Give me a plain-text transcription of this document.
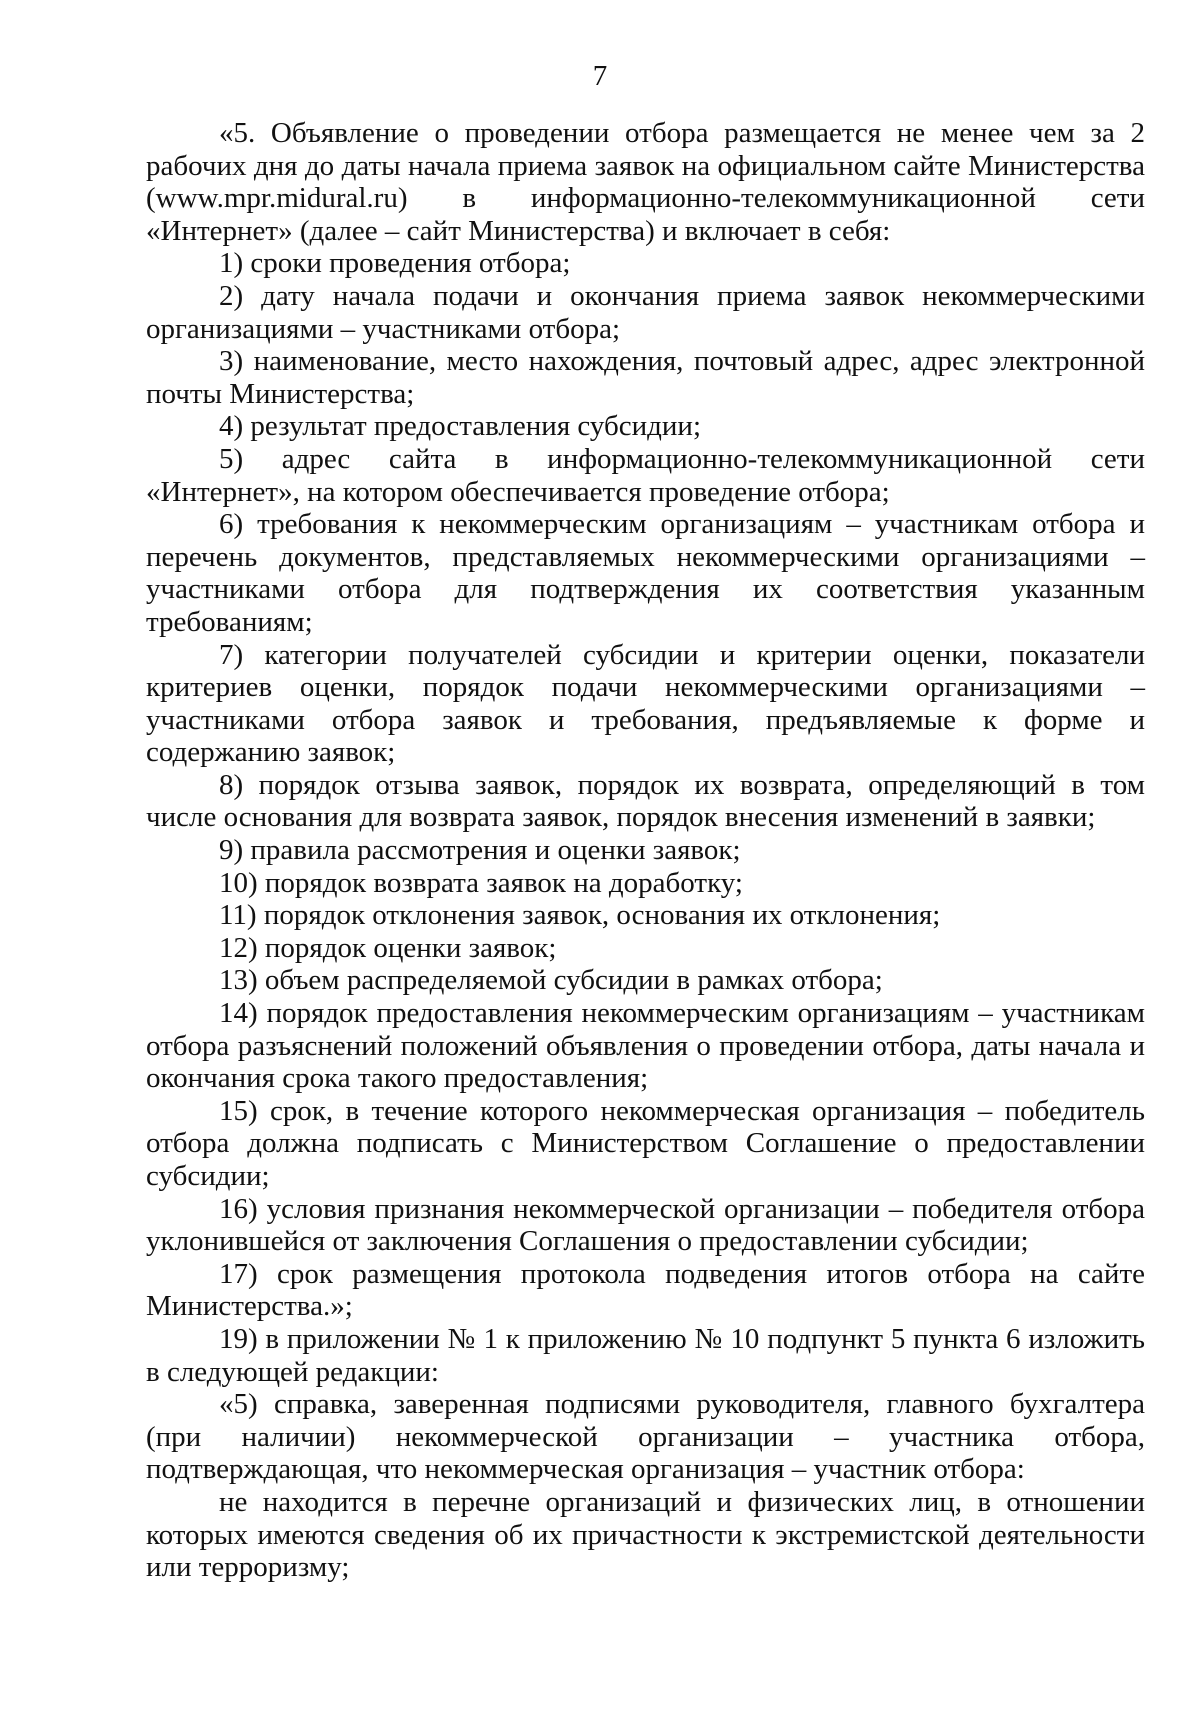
7

«5. Объявление о проведении отбора размещается не менее чем за 2 рабочих дня до даты начала приема заявок на официальном сайте Министерства (www.mpr.midural.ru) в информационно-телекоммуникационной сети «Интернет» (далее – сайт Министерства) и включает в себя:

1) сроки проведения отбора;

2) дату начала подачи и окончания приема заявок некоммерческими организациями – участниками отбора;

3) наименование, место нахождения, почтовый адрес, адрес электронной почты Министерства;

4) результат предоставления субсидии;

5) адрес сайта в информационно-телекоммуникационной сети «Интернет», на котором обеспечивается проведение отбора;

6) требования к некоммерческим организациям – участникам отбора и перечень документов, представляемых некоммерческими организациями – участниками отбора для подтверждения их соответствия указанным требованиям;

7) категории получателей субсидии и критерии оценки, показатели критериев оценки, порядок подачи некоммерческими организациями – участниками отбора заявок и требования, предъявляемые к форме и содержанию заявок;

8) порядок отзыва заявок, порядок их возврата, определяющий в том числе основания для возврата заявок, порядок внесения изменений в заявки;

9) правила рассмотрения и оценки заявок;

10) порядок возврата заявок на доработку;

11) порядок отклонения заявок, основания их отклонения;

12) порядок оценки заявок;

13) объем распределяемой субсидии в рамках отбора;

14) порядок предоставления некоммерческим организациям – участникам отбора разъяснений положений объявления о проведении отбора, даты начала и окончания срока такого предоставления;

15) срок, в течение которого некоммерческая организация – победитель отбора должна подписать с Министерством Соглашение о предоставлении субсидии;

16) условия признания некоммерческой организации – победителя отбора уклонившейся от заключения Соглашения о предоставлении субсидии;

17) срок размещения протокола подведения итогов отбора на сайте Министерства.»;

19) в приложении № 1 к приложению № 10 подпункт 5 пункта 6 изложить в следующей редакции:

«5) справка, заверенная подписями руководителя, главного бухгалтера (при наличии) некоммерческой организации – участника отбора, подтверждающая, что некоммерческая организация – участник отбора:

не находится в перечне организаций и физических лиц, в отношении которых имеются сведения об их причастности к экстремистской деятельности или терроризму;
